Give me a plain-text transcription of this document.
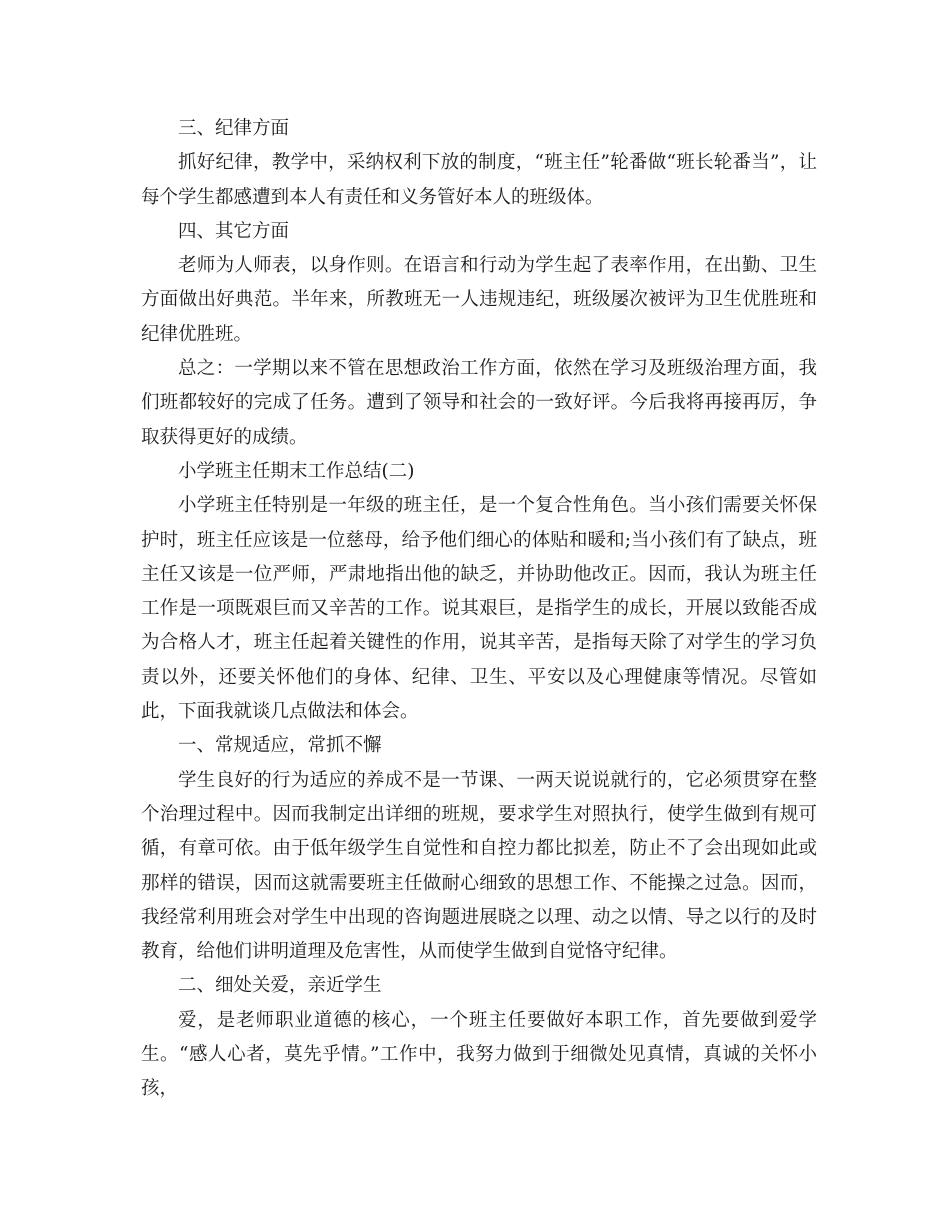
三、纪律方面

抓好纪律，教学中，采纳权利下放的制度，“班主任”轮番做“班长轮番当”，让每个学生都感遭到本人有责任和义务管好本人的班级体。

四、其它方面

老师为人师表，以身作则。在语言和行动为学生起了表率作用，在出勤、卫生方面做出好典范。半年来，所教班无一人违规违纪，班级屡次被评为卫生优胜班和纪律优胜班。

总之：一学期以来不管在思想政治工作方面，依然在学习及班级治理方面，我们班都较好的完成了任务。遭到了领导和社会的一致好评。今后我将再接再厉，争取获得更好的成绩。

小学班主任期末工作总结(二)

小学班主任特别是一年级的班主任，是一个复合性角色。当小孩们需要关怀保护时，班主任应该是一位慈母，给予他们细心的体贴和暖和;当小孩们有了缺点，班主任又该是一位严师，严肃地指出他的缺乏，并协助他改正。因而，我认为班主任工作是一项既艰巨而又辛苦的工作。说其艰巨，是指学生的成长，开展以致能否成为合格人才，班主任起着关键性的作用，说其辛苦，是指每天除了对学生的学习负责以外，还要关怀他们的身体、纪律、卫生、平安以及心理健康等情况。尽管如此，下面我就谈几点做法和体会。

一、常规适应，常抓不懈

学生良好的行为适应的养成不是一节课、一两天说说就行的，它必须贯穿在整个治理过程中。因而我制定出详细的班规，要求学生对照执行，使学生做到有规可循，有章可依。由于低年级学生自觉性和自控力都比拟差，防止不了会出现如此或那样的错误，因而这就需要班主任做耐心细致的思想工作、不能操之过急。因而，我经常利用班会对学生中出现的咨询题进展晓之以理、动之以情、导之以行的及时教育，给他们讲明道理及危害性，从而使学生做到自觉恪守纪律。

二、细处关爱，亲近学生

爱，是老师职业道德的核心，一个班主任要做好本职工作，首先要做到爱学生。“感人心者，莫先乎情。”工作中，我努力做到于细微处见真情，真诚的关怀小孩，
